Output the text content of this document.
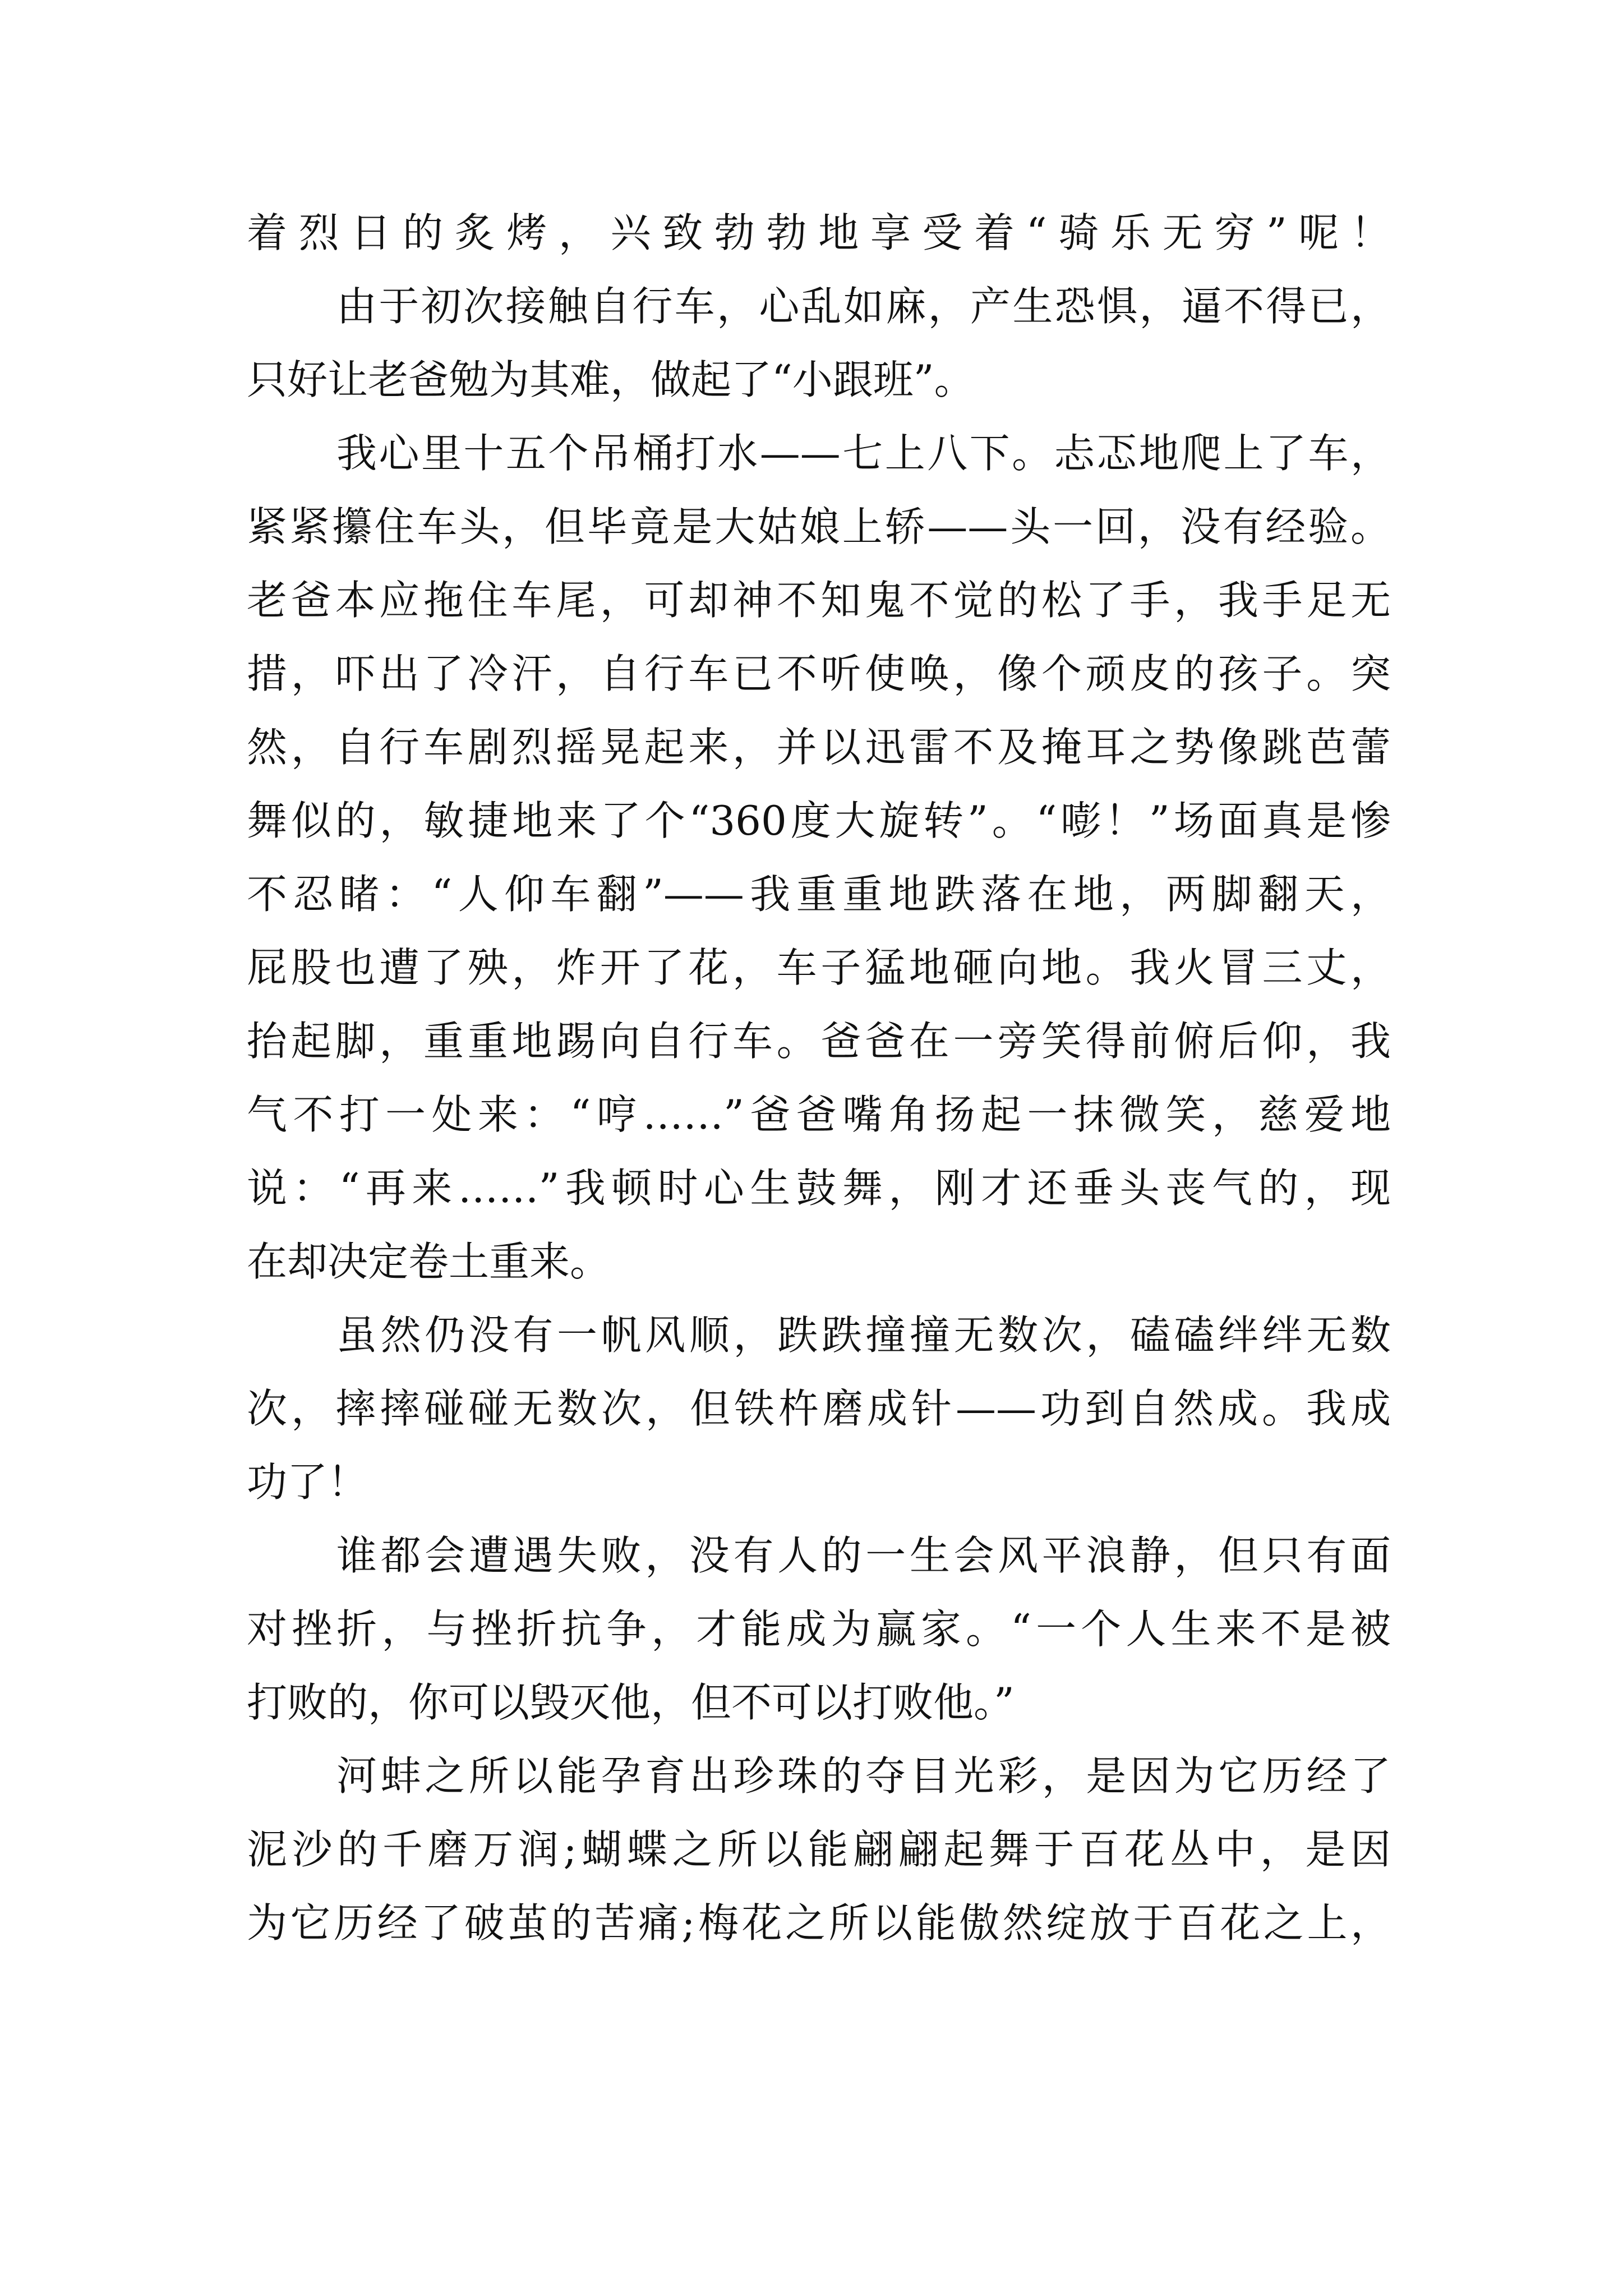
着烈日的炙烤，兴致勃勃地享受着“骑乐无穷”呢！
由于初次接触自行车，心乱如麻，产生恐惧，逼不得已，
只好让老爸勉为其难，做起了“小跟班”。
我心里十五个吊桶打水——七上八下。忐忑地爬上了车，
紧紧攥住车头，但毕竟是大姑娘上轿——头一回，没有经验。
老爸本应拖住车尾，可却神不知鬼不觉的松了手，我手足无
措，吓出了冷汗，自行车已不听使唤，像个顽皮的孩子。突
然，自行车剧烈摇晃起来，并以迅雷不及掩耳之势像跳芭蕾
舞似的，敏捷地来了个“360度大旋转”。“嘭！”场面真是惨
不忍睹：“人仰车翻”——我重重地跌落在地，两脚翻天，
屁股也遭了殃，炸开了花，车子猛地砸向地。我火冒三丈，
抬起脚，重重地踢向自行车。爸爸在一旁笑得前俯后仰，我
气不打一处来：“哼……”爸爸嘴角扬起一抹微笑，慈爱地
说：“再来……”我顿时心生鼓舞，刚才还垂头丧气的，现
在却决定卷土重来。
虽然仍没有一帆风顺，跌跌撞撞无数次，磕磕绊绊无数
次，摔摔碰碰无数次，但铁杵磨成针——功到自然成。我成
功了！
谁都会遭遇失败，没有人的一生会风平浪静，但只有面
对挫折，与挫折抗争，才能成为赢家。“一个人生来不是被
打败的，你可以毁灭他，但不可以打败他。”
河蚌之所以能孕育出珍珠的夺目光彩，是因为它历经了
泥沙的千磨万润;蝴蝶之所以能翩翩起舞于百花丛中，是因
为它历经了破茧的苦痛;梅花之所以能傲然绽放于百花之上，
